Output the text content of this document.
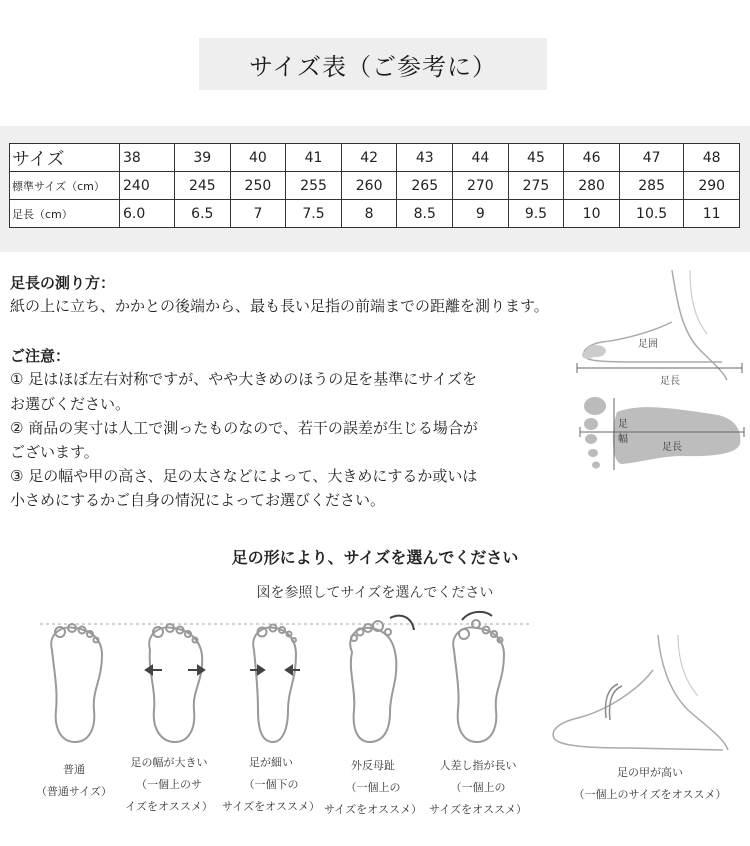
サイズ表（ご参考に）
サイズ	38	39	40	41	42	43	44	45	46	47	48
標準サイズ（cm）	240	245	250	255	260	265	270	275	280	285	290
足長（cm）	6.0	6.5	7	7.5	8	8.5	9	9.5	10	10.5	11
足長の測り方：
紙の上に立ち、かかとの後端から、最も長い足指の前端までの距離を測ります。
ご注意：
① 足はほぼ左右対称ですが、やや大きめのほうの足を基準にサイズを
お選びください。
② 商品の実寸は人工で測ったものなので、若干の誤差が生じる場合が
ございます。
③ 足の幅や甲の高さ、足の太さなどによって、大きめにするか或いは
小さめにするかご自身の情況によってお選びください。
足囲
足長
足
幅
足長
足の形により、サイズを選んでください
図を参照してサイズを選んでください
普通
（普通サイズ）
足の幅が大きい
（一個上のサ
イズをオススメ）
足が細い
（一個下の
サイズをオススメ）
外反母趾
（一個上の
サイズをオススメ）
人差し指が長い
（一個上の
サイズをオススメ）
足の甲が高い
（一個上のサイズをオススメ）
